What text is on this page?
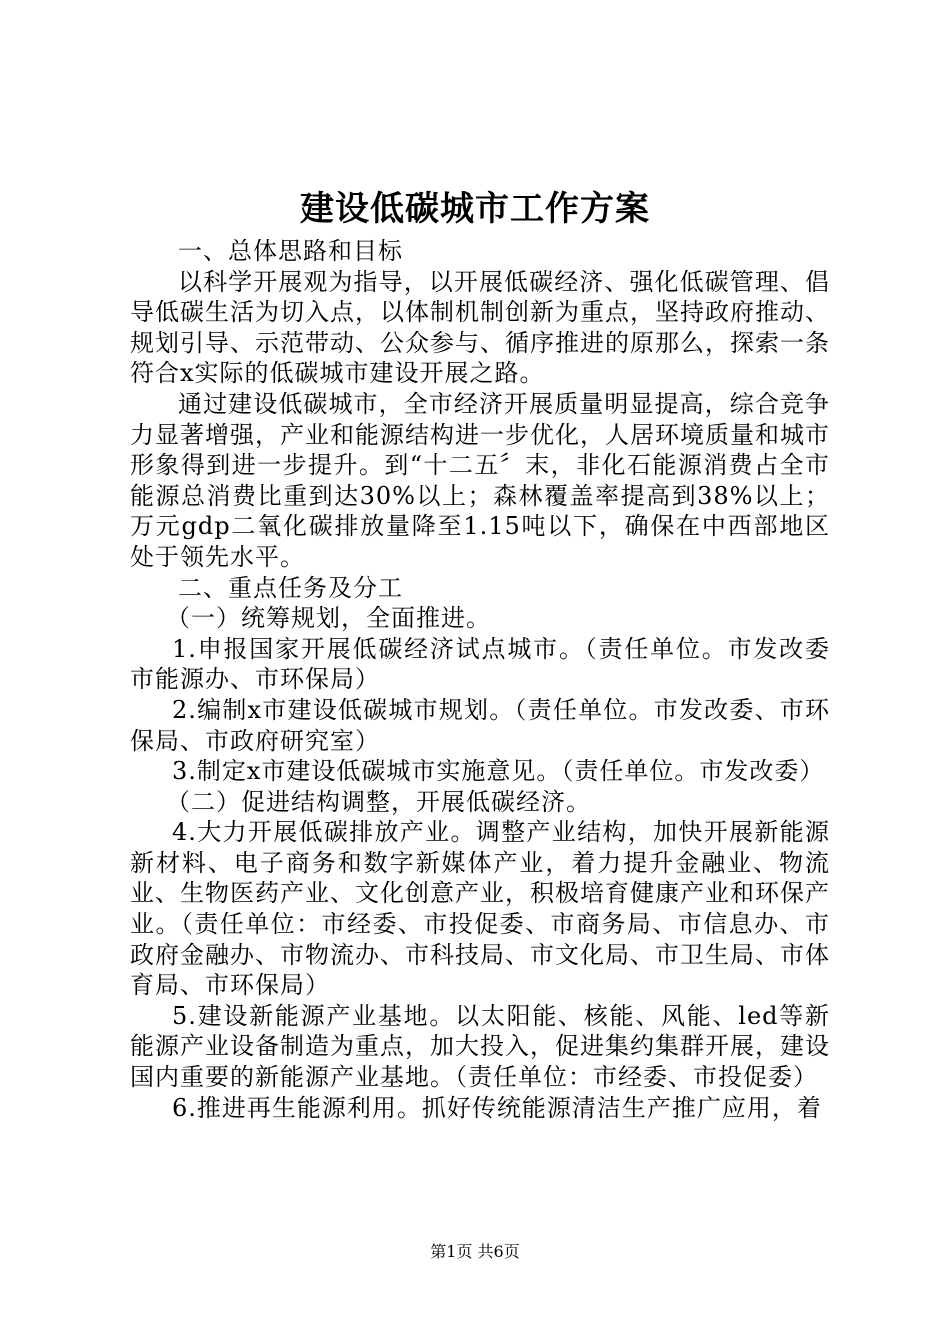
建设低碳城市工作方案

一、总体思路和目标

以科学开展观为指导，以开展低碳经济、强化低碳管理、倡导低碳生活为切入点，以体制机制创新为重点，坚持政府推动、规划引导、示范带动、公众参与、循序推进的原那么，探索一条符合x实际的低碳城市建设开展之路。

通过建设低碳城市，全市经济开展质量明显提高，综合竞争力显著增强，产业和能源结构进一步优化，人居环境质量和城市形象得到进一步提升。到“十二五〞末，非化石能源消费占全市能源总消费比重到达30%以上；森林覆盖率提高到38%以上；万元gdp二氧化碳排放量降至1.15吨以下，确保在中西部地区处于领先水平。

二、重点任务及分工

（一）统筹规划，全面推进。

1.申报国家开展低碳经济试点城市。（责任单位。市发改委市能源办、市环保局）

2.编制x市建设低碳城市规划。（责任单位。市发改委、市环保局、市政府研究室）

3.制定x市建设低碳城市实施意见。（责任单位。市发改委）

（二）促进结构调整，开展低碳经济。

4.大力开展低碳排放产业。调整产业结构，加快开展新能源新材料、电子商务和数字新媒体产业，着力提升金融业、物流业、生物医药产业、文化创意产业，积极培育健康产业和环保产业。（责任单位：市经委、市投促委、市商务局、市信息办、市政府金融办、市物流办、市科技局、市文化局、市卫生局、市体育局、市环保局）

5.建设新能源产业基地。以太阳能、核能、风能、led等新能源产业设备制造为重点，加大投入，促进集约集群开展，建设国内重要的新能源产业基地。（责任单位：市经委、市投促委）

6.推进再生能源利用。抓好传统能源清洁生产推广应用，着

第1页 共6页
